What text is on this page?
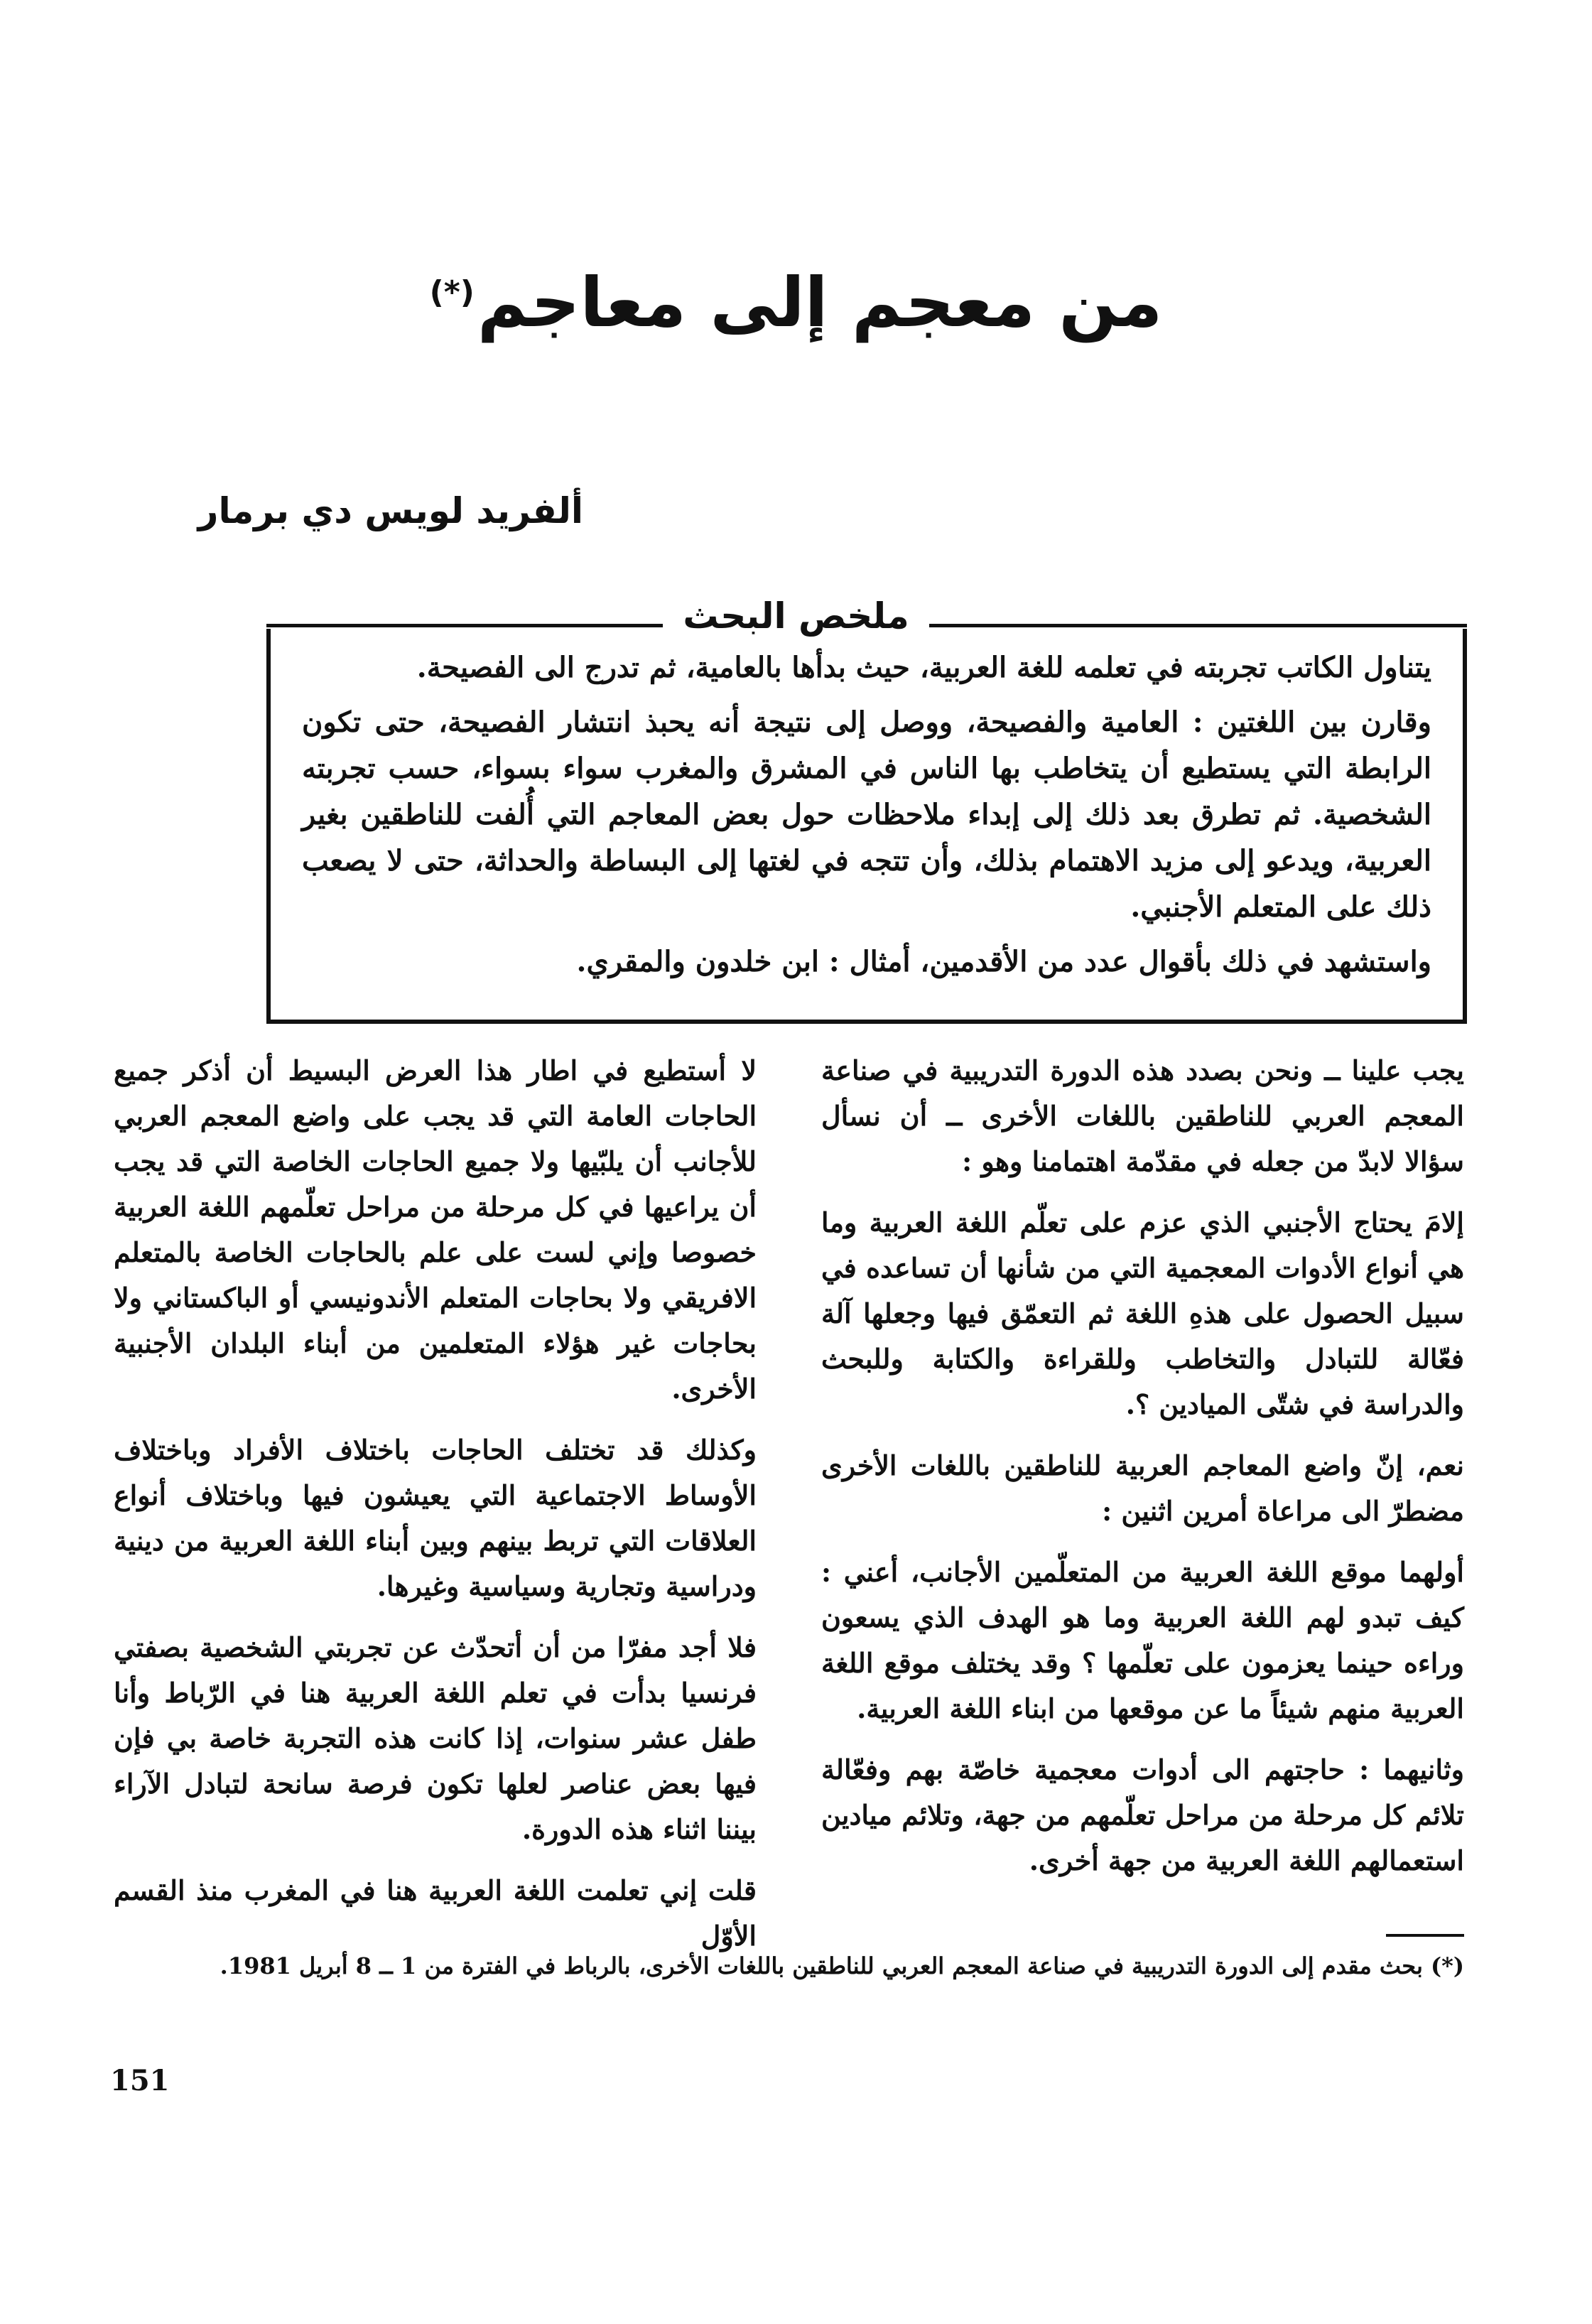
من معجم إلى معاجم(*)
ألفريد لويس دي برمار
ملخص البحث

يتناول الكاتب تجربته في تعلمه للغة العربية، حيث بدأها بالعامية، ثم تدرج الى الفصيحة.

وقارن بين اللغتين : العامية والفصيحة، ووصل إلى نتيجة أنه يحبذ انتشار الفصيحة، حتى تكون الرابطة التي يستطيع أن يتخاطب بها الناس في المشرق والمغرب سواء بسواء، حسب تجربته الشخصية. ثم تطرق بعد ذلك إلى إبداء ملاحظات حول بعض المعاجم التي أُلفت للناطقين بغير العربية، ويدعو إلى مزيد الاهتمام بذلك، وأن تتجه في لغتها إلى البساطة والحداثة، حتى لا يصعب ذلك على المتعلم الأجنبي.

واستشهد في ذلك بأقوال عدد من الأقدمين، أمثال : ابن خلدون والمقري.

يجب علينا ــ ونحن بصدد هذه الدورة التدريبية في صناعة المعجم العربي للناطقين باللغات الأخرى ــ أن نسأل سؤالا لابدّ من جعله في مقدّمة اهتمامنا وهو :

إلامَ يحتاج الأجنبي الذي عزم على تعلّم اللغة العربية وما هي أنواع الأدوات المعجمية التي من شأنها أن تساعده في سبيل الحصول على هذهِ اللغة ثم التعمّق فيها وجعلها آلة فعّالة للتبادل والتخاطب وللقراءة والكتابة وللبحث والدراسة في شتّى الميادين ؟.

نعم، إنّ واضع المعاجم العربية للناطقين باللغات الأخرى مضطرّ الى مراعاة أمرين اثنين :

أولهما موقع اللغة العربية من المتعلّمين الأجانب، أعني : كيف تبدو لهم اللغة العربية وما هو الهدف الذي يسعون وراءه حينما يعزمون على تعلّمها ؟ وقد يختلف موقع اللغة العربية منهم شيئاً ما عن موقعها من ابناء اللغة العربية.

وثانيهما : حاجتهم الى أدوات معجمية خاصّة بهم وفعّالة تلائم كل مرحلة من مراحل تعلّمهم من جهة، وتلائم ميادين استعمالهم اللغة العربية من جهة أخرى.

لا أستطيع في اطار هذا العرض البسيط أن أذكر جميع الحاجات العامة التي قد يجب على واضع المعجم العربي للأجانب أن يلبّيها ولا جميع الحاجات الخاصة التي قد يجب أن يراعيها في كل مرحلة من مراحل تعلّمهم اللغة العربية خصوصا وإني لست على علم بالحاجات الخاصة بالمتعلم الافريقي ولا بحاجات المتعلم الأندونيسي أو الباكستاني ولا بحاجات غير هؤلاء المتعلمين من أبناء البلدان الأجنبية الأخرى.

وكذلك قد تختلف الحاجات باختلاف الأفراد وباختلاف الأوساط الاجتماعية التي يعيشون فيها وباختلاف أنواع العلاقات التي تربط بينهم وبين أبناء اللغة العربية من دينية ودراسية وتجارية وسياسية وغيرها.

فلا أجد مفرّا من أن أتحدّث عن تجربتي الشخصية بصفتي فرنسيا بدأت في تعلم اللغة العربية هنا في الرّباط وأنا طفل عشر سنوات، إذا كانت هذه التجربة خاصة بي فإن فيها بعض عناصر لعلها تكون فرصة سانحة لتبادل الآراء بيننا اثناء هذه الدورة.

قلت إني تعلمت اللغة العربية هنا في المغرب منذ القسم الأوّل

(*) بحث مقدم إلى الدورة التدريبية في صناعة المعجم العربي للناطقين باللغات الأخرى، بالرباط في الفترة من 1 ــ 8 أبريل 1981.
151
